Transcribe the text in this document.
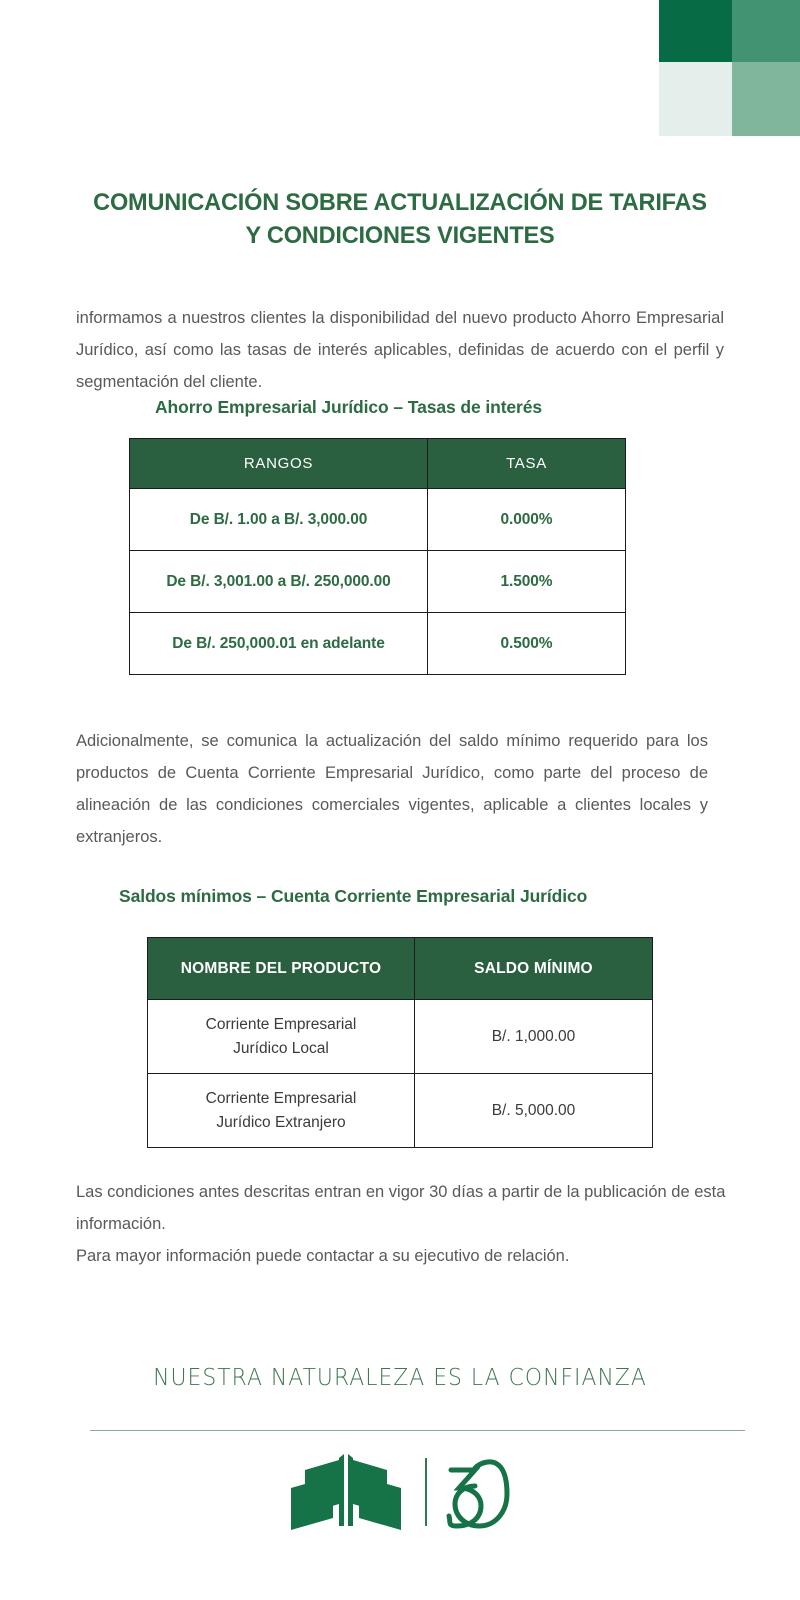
COMUNICACIÓN SOBRE ACTUALIZACIÓN DE TARIFAS
Y CONDICIONES VIGENTES

informamos a nuestros clientes la disponibilidad del nuevo producto Ahorro Empresarial Jurídico, así como las tasas de interés aplicables, definidas de acuerdo con el perfil y segmentación del cliente.

Ahorro Empresarial Jurídico – Tasas de interés
RANGOS	TASA
De B/. 1.00 a B/. 3,000.00	0.000%
De B/. 3,001.00 a B/. 250,000.00	1.500%
De B/. 250,000.01 en adelante	0.500%

Adicionalmente, se comunica la actualización del saldo mínimo requerido para los productos de Cuenta Corriente Empresarial Jurídico, como parte del proceso de alineación de las condiciones comerciales vigentes, aplicable a clientes locales y extranjeros.

Saldos mínimos – Cuenta Corriente Empresarial Jurídico
NOMBRE DEL PRODUCTO	SALDO MÍNIMO
Corriente Empresarial
Jurídico Local	B/. 1,000.00
Corriente Empresarial
Jurídico Extranjero	B/. 5,000.00
Las condiciones antes descritas entran en vigor 30 días a partir de la publicación de esta información.
Para mayor información puede contactar a su ejecutivo de relación.
NUESTRA NATURALEZA ES LA CONFIANZA
